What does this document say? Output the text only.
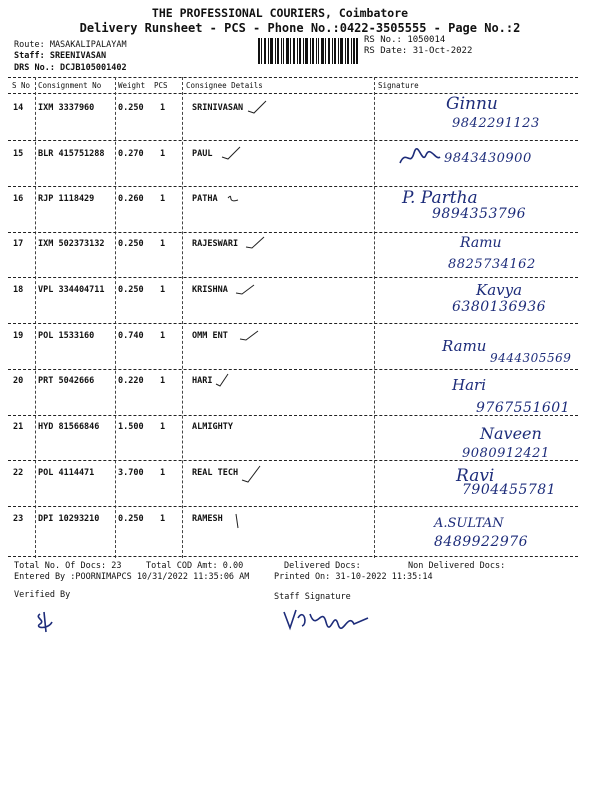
THE PROFESSIONAL COURIERS, Coimbatore
Delivery Runsheet - PCS - Phone No.:0422-3505555 - Page No.:2
Route: MASAKALIPALAYAM
Staff: SREENIVASAN
DRS No.: DCJB105001402
RS No.: 1050014
RS Date: 31-Oct-2022
S No Consignment No Weight PCS Consignee Details	Signature
14 IXM 3337960	0.250 1	SRINIVASAN	Ginnu
9842291123
15 BLR 415751288 0.270 1	PAUL	9843430900
16 RJP 1118429	0.260 1	PATHA	P. Partha
9894353796
17 IXM 502373132 0.250 1	RAJESWARI	Ramu
8825734162
18 VPL 334404711 0.250 1	KRISHNA	Kavya
6380136936
19 POL 1533160	0.740 1	OMM ENT
Ramu
9444305569
20 PRT 5042666	0.220 1	HARI	Hari
9767551601
21 HYD 81566846 1.500 1	ALMIGHTY	Naveen
9080912421
22 POL 4114471	3.700 1	REAL TECH	Ravi
7904455781
23 DPI 10293210 0.250 1	RAMESH	A.SULTAN
8489922976
Total No. Of Docs: 23	Total COD Amt: 0.00	Delivered Docs:	Non Delivered Docs:
Entered By :POORNIMAPCS 10/31/2022 11:35:06 AM	Printed On: 31-10-2022 11:35:14
Verified By	Staff Signature
